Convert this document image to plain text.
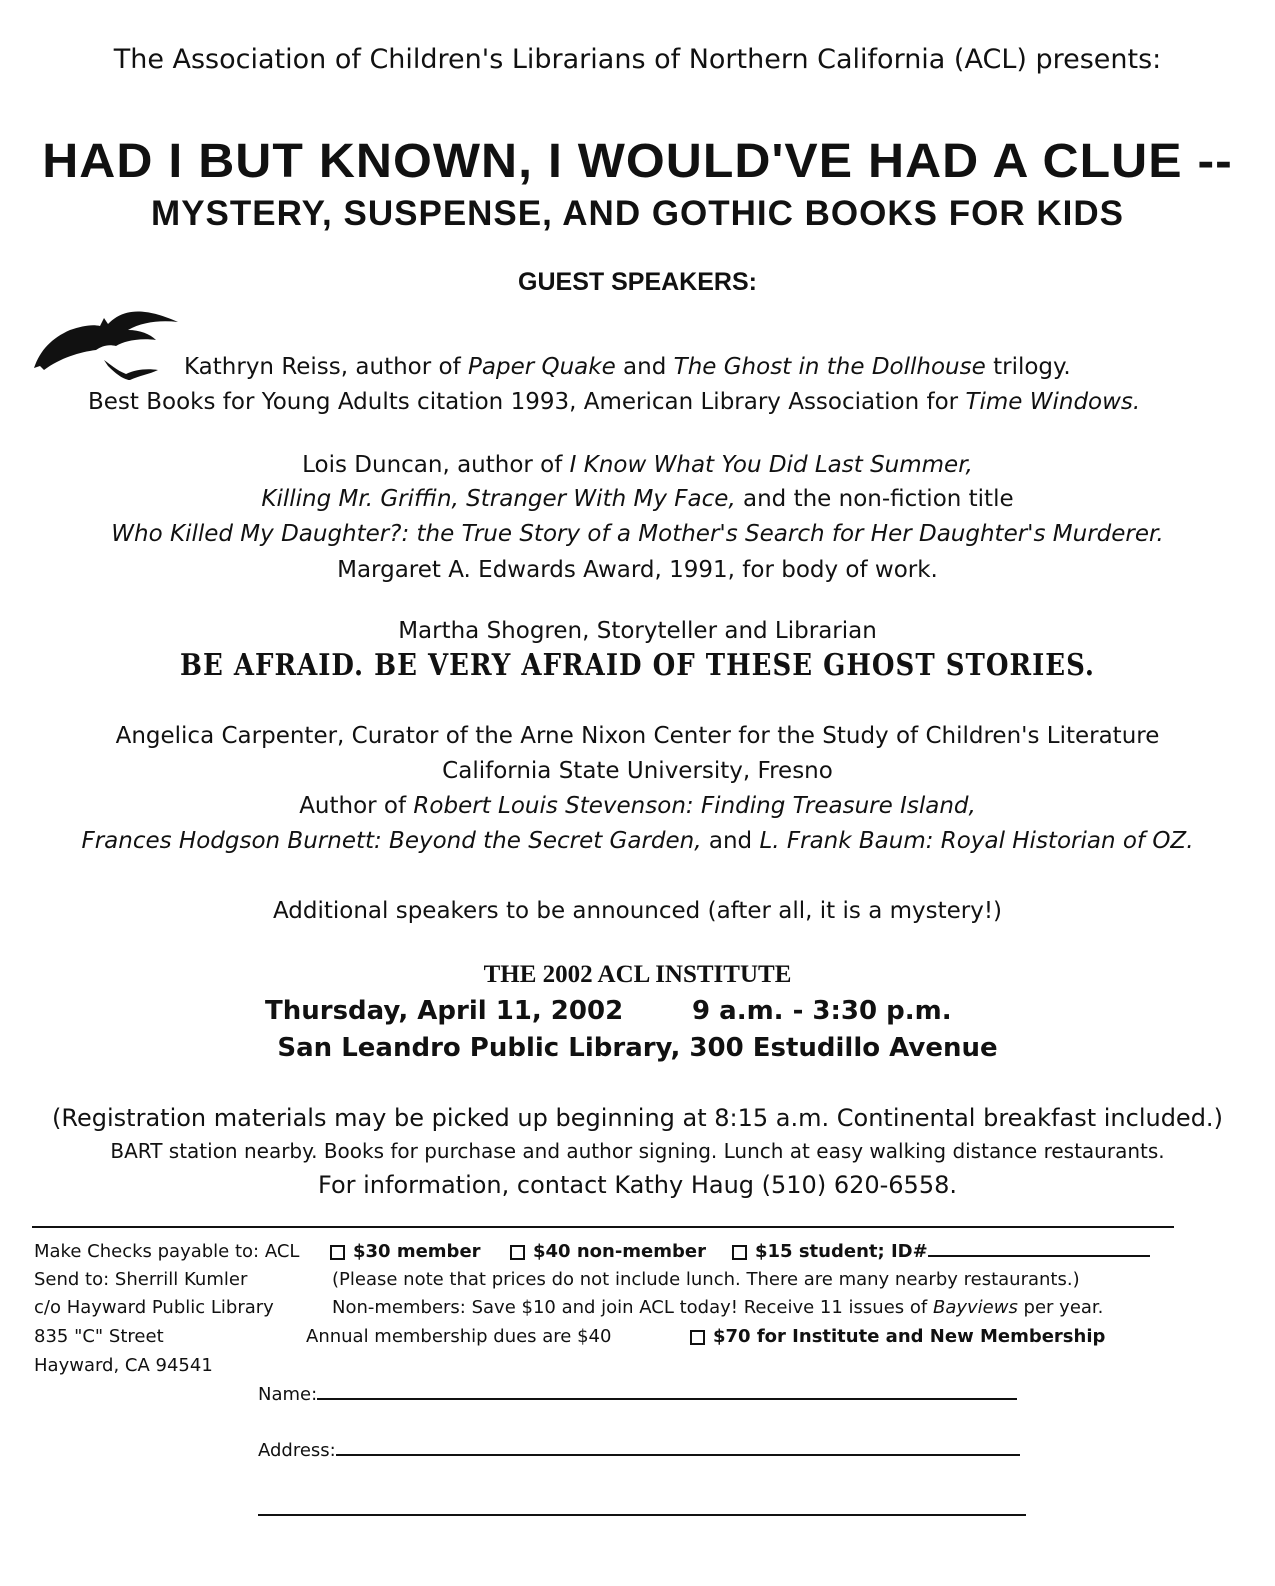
The Association of Children's Librarians of Northern California (ACL) presents:
HAD I BUT KNOWN, I WOULD'VE HAD A CLUE --
MYSTERY, SUSPENSE, AND GOTHIC BOOKS FOR KIDS
GUEST SPEAKERS:
Kathryn Reiss, author of Paper Quake and The Ghost in the Dollhouse trilogy.
Best Books for Young Adults citation 1993, American Library Association for Time Windows.
Lois Duncan, author of I Know What You Did Last Summer,
Killing Mr. Griffin, Stranger With My Face, and the non-fiction title
Who Killed My Daughter?: the True Story of a Mother's Search for Her Daughter's Murderer.
Margaret A. Edwards Award, 1991, for body of work.
Martha Shogren, Storyteller and Librarian
BE AFRAID. BE VERY AFRAID OF THESE GHOST STORIES.
Angelica Carpenter, Curator of the Arne Nixon Center for the Study of Children's Literature
California State University, Fresno
Author of Robert Louis Stevenson: Finding Treasure Island,
Frances Hodgson Burnett: Beyond the Secret Garden, and L. Frank Baum: Royal Historian of OZ.
Additional speakers to be announced (after all, it is a mystery!)
THE 2002 ACL INSTITUTE
Thursday, April 11, 2002	9 a.m. - 3:30 p.m.
San Leandro Public Library, 300 Estudillo Avenue
(Registration materials may be picked up beginning at 8:15 a.m. Continental breakfast included.)
BART station nearby. Books for purchase and author signing. Lunch at easy walking distance restaurants.
For information, contact Kathy Haug (510) 620-6558.
Make Checks payable to: ACL	$30 member	$40 non-member	$15 student; ID#
Send to: Sherrill Kumler	(Please note that prices do not include lunch. There are many nearby restaurants.)
c/o Hayward Public Library	Non-members: Save $10 and join ACL today! Receive 11 issues of Bayviews per year.
835 "C" Street	Annual membership dues are $40	$70 for Institute and New Membership
Hayward, CA 94541
Name:
Address:
